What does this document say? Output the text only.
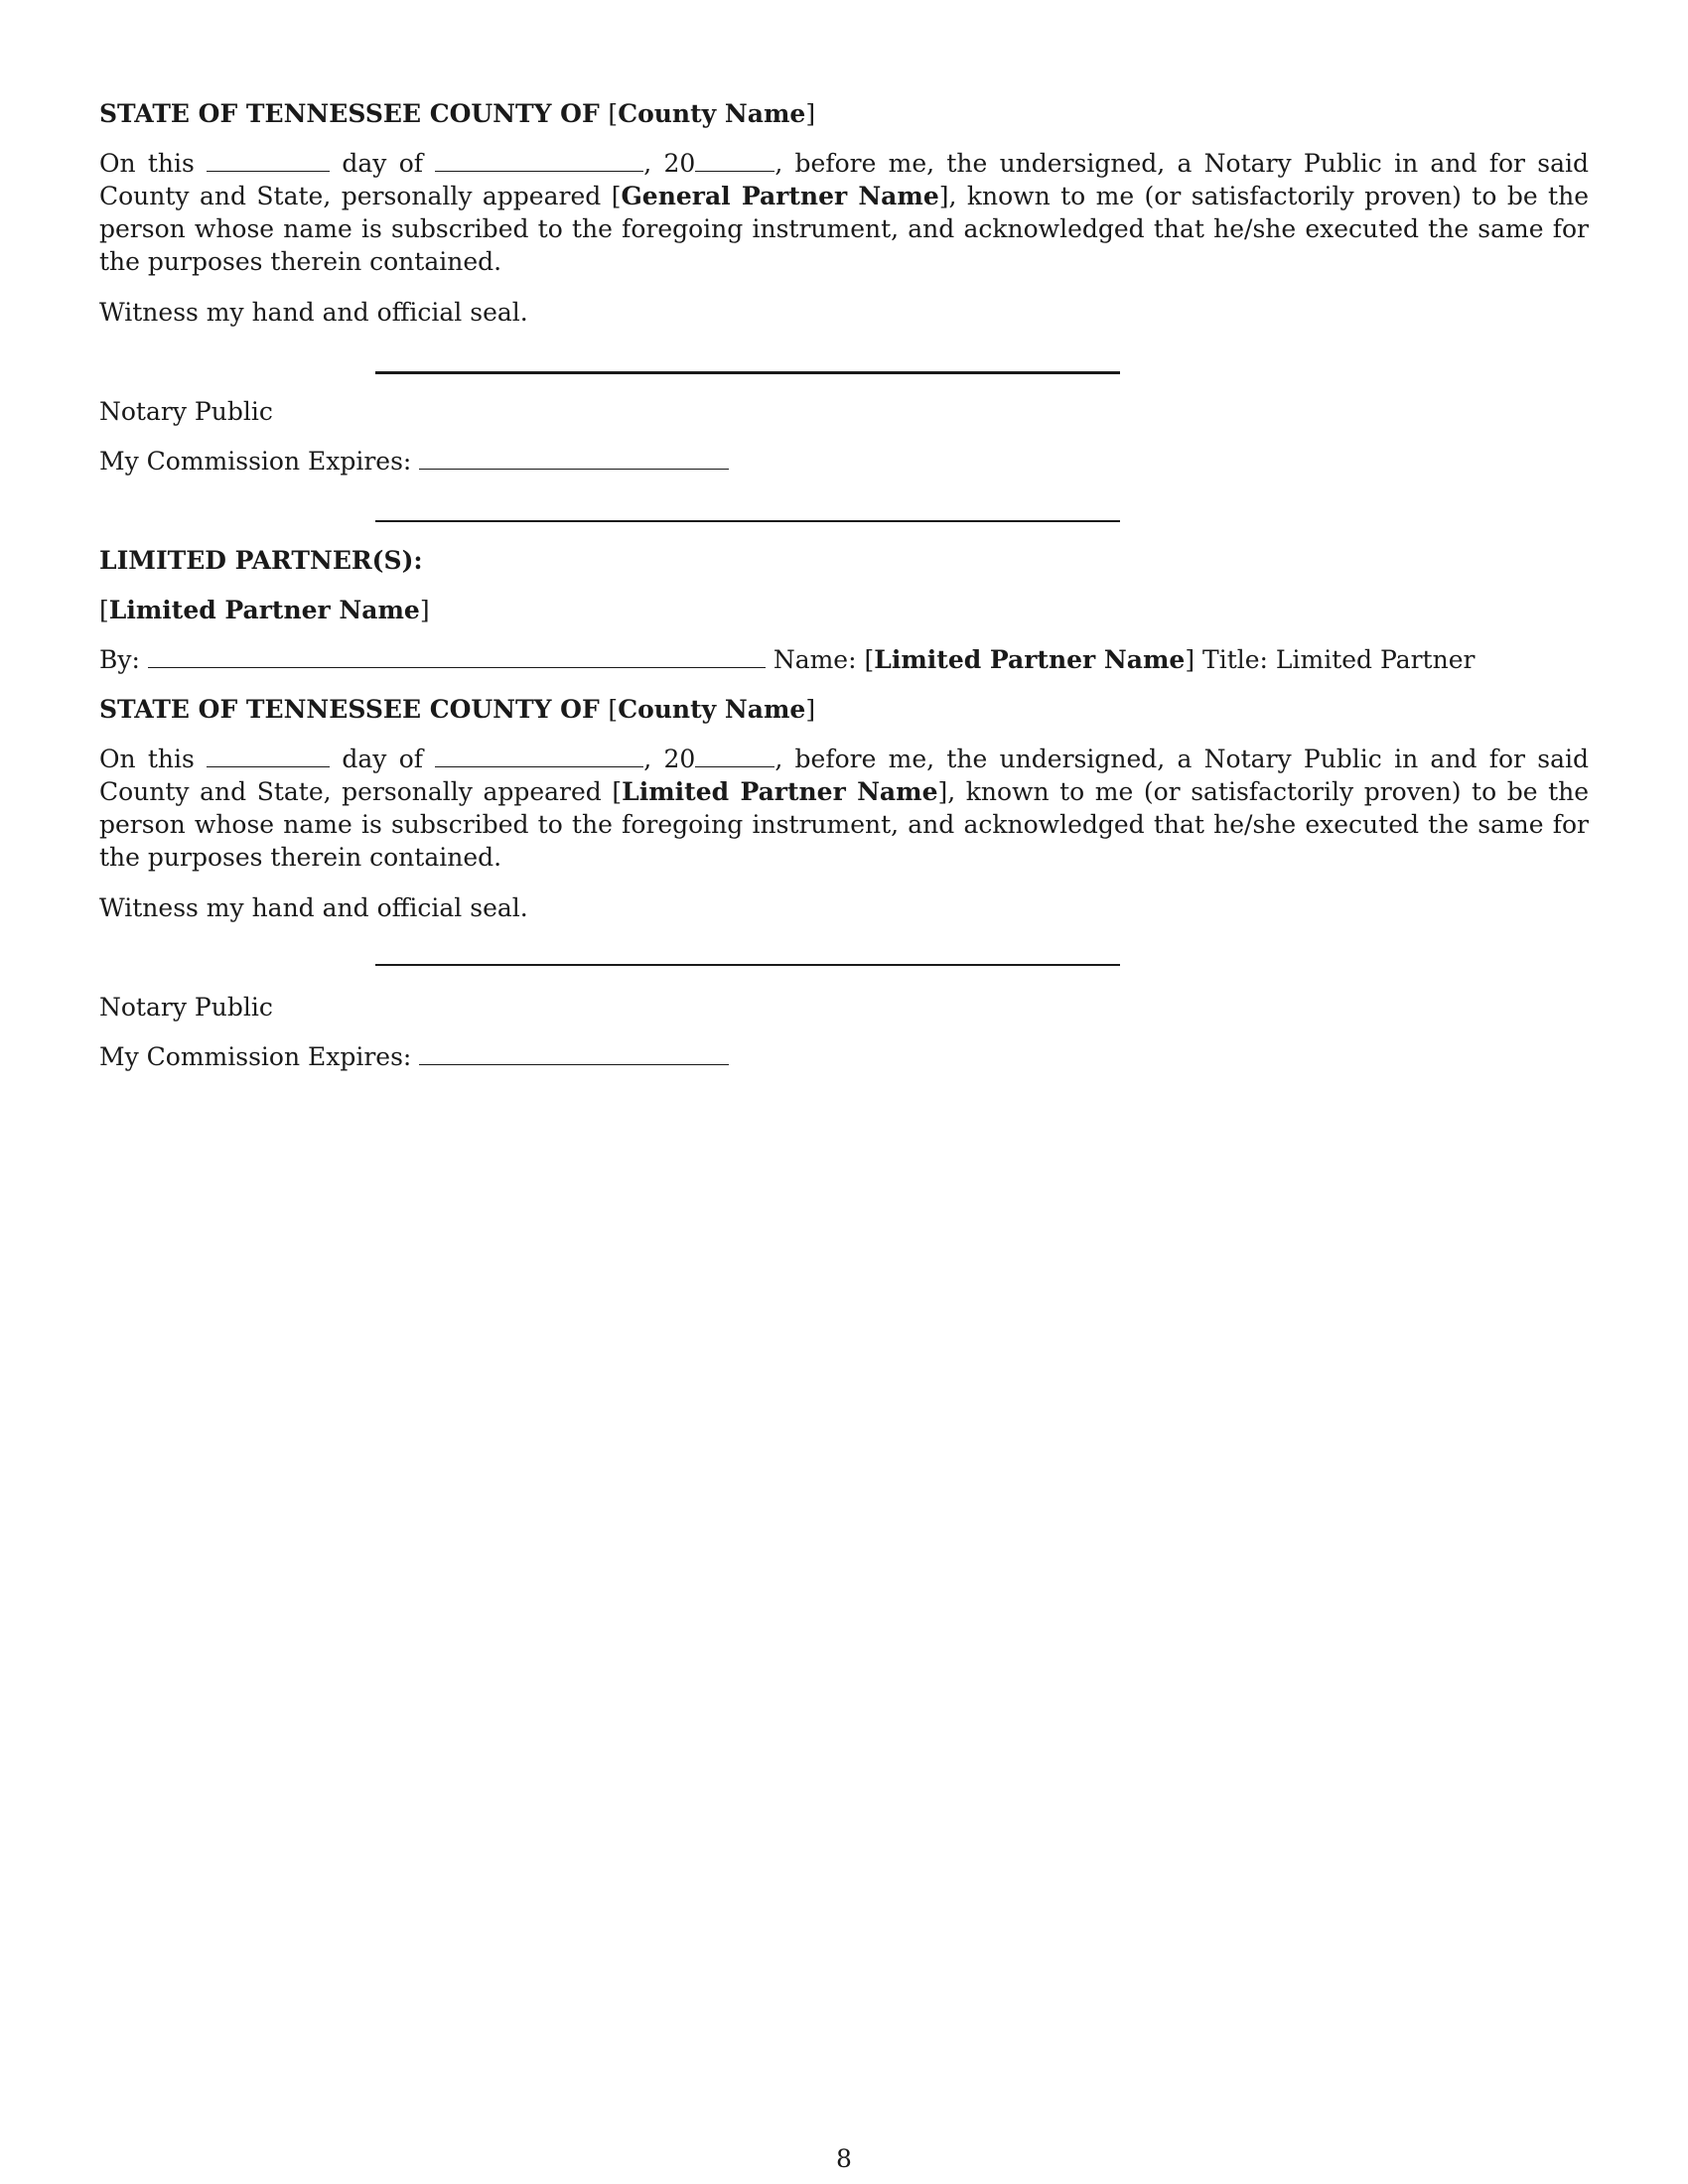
STATE OF TENNESSEE COUNTY OF [County Name]

On this	day of	, 20	, before me, the undersigned, a Notary Public in and for said County and State, personally appeared [General Partner Name], known to me (or satisfactorily proven) to be the person whose name is subscribed to the foregoing instrument, and acknowledged that he/she executed the same for the purposes therein contained.

Witness my hand and official seal.

Notary Public

My Commission Expires:

LIMITED PARTNER(S):

[Limited Partner Name]

By:	Name: [Limited Partner Name] Title: Limited Partner

STATE OF TENNESSEE COUNTY OF [County Name]

On this	day of	, 20	, before me, the undersigned, a Notary Public in and for said County and State, personally appeared [Limited Partner Name], known to me (or satisfactorily proven) to be the person whose name is subscribed to the foregoing instrument, and acknowledged that he/she executed the same for the purposes therein contained.

Witness my hand and official seal.

Notary Public

My Commission Expires:

8
